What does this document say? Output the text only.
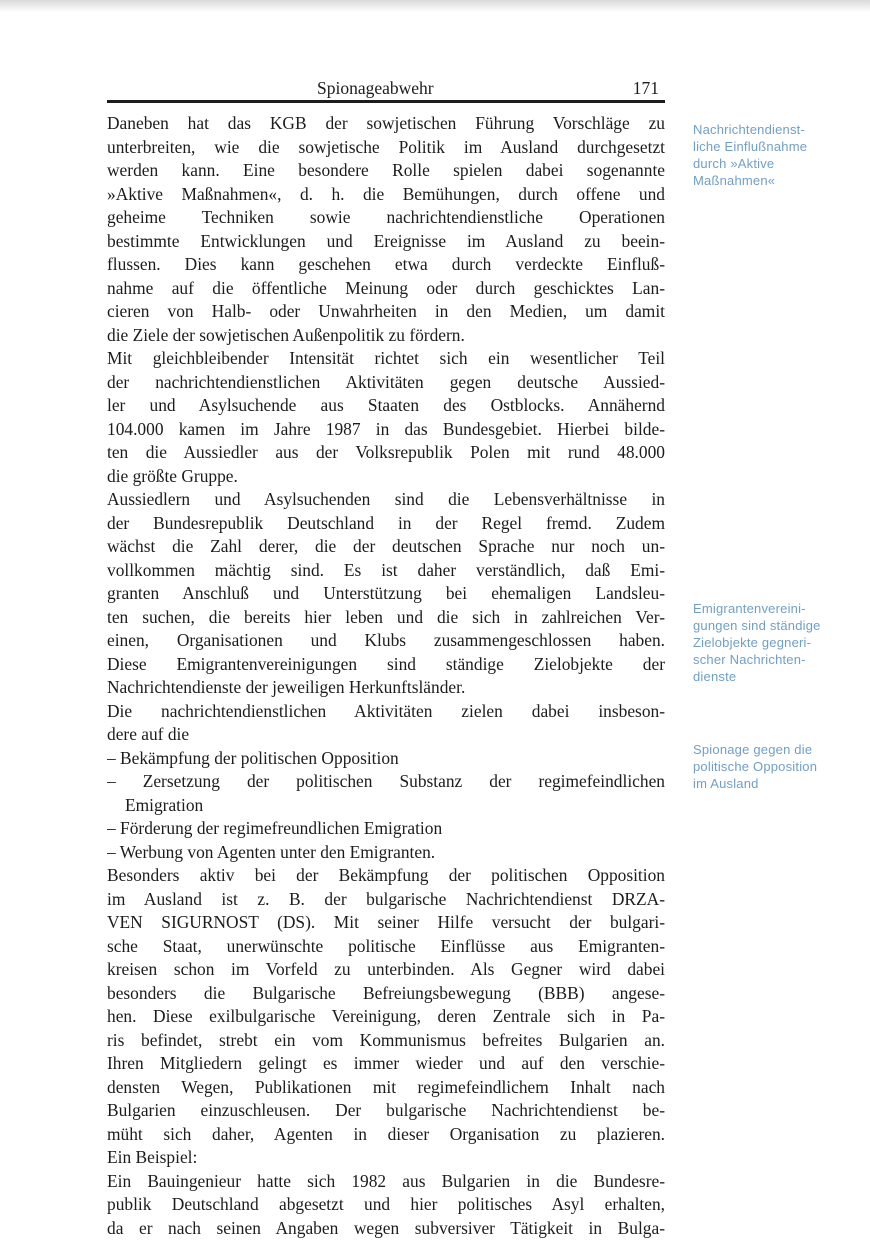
Spionageabwehr	171
Daneben hat das KGB der sowjetischen Führung Vorschläge zu
unterbreiten, wie die sowjetische Politik im Ausland durchgesetzt
werden kann. Eine besondere Rolle spielen dabei sogenannte
»Aktive Maßnahmen«, d. h. die Bemühungen, durch offene und
geheime Techniken sowie nachrichtendienstliche Operationen
bestimmte Entwicklungen und Ereignisse im Ausland zu beein-
flussen. Dies kann geschehen etwa durch verdeckte Einfluß-
nahme auf die öffentliche Meinung oder durch geschicktes Lan-
cieren von Halb- oder Unwahrheiten in den Medien, um damit
die Ziele der sowjetischen Außenpolitik zu fördern.
Mit gleichbleibender Intensität richtet sich ein wesentlicher Teil
der nachrichtendienstlichen Aktivitäten gegen deutsche Aussied-
ler und Asylsuchende aus Staaten des Ostblocks. Annähernd
104.000 kamen im Jahre 1987 in das Bundesgebiet. Hierbei bilde-
ten die Aussiedler aus der Volksrepublik Polen mit rund 48.000
die größte Gruppe.
Aussiedlern und Asylsuchenden sind die Lebensverhältnisse in
der Bundesrepublik Deutschland in der Regel fremd. Zudem
wächst die Zahl derer, die der deutschen Sprache nur noch un-
vollkommen mächtig sind. Es ist daher verständlich, daß Emi-
granten Anschluß und Unterstützung bei ehemaligen Landsleu-
ten suchen, die bereits hier leben und die sich in zahlreichen Ver-
einen, Organisationen und Klubs zusammengeschlossen haben.
Diese Emigrantenvereinigungen sind ständige Zielobjekte der
Nachrichtendienste der jeweiligen Herkunftsländer.
Die nachrichtendienstlichen Aktivitäten zielen dabei insbeson-
dere auf die
– Bekämpfung der politischen Opposition
– Zersetzung der politischen Substanz der regimefeindlichen
Emigration
– Förderung der regimefreundlichen Emigration
– Werbung von Agenten unter den Emigranten.
Besonders aktiv bei der Bekämpfung der politischen Opposition
im Ausland ist z. B. der bulgarische Nachrichtendienst DRZA-
VEN SIGURNOST (DS). Mit seiner Hilfe versucht der bulgari-
sche Staat, unerwünschte politische Einflüsse aus Emigranten-
kreisen schon im Vorfeld zu unterbinden. Als Gegner wird dabei
besonders die Bulgarische Befreiungsbewegung (BBB) angese-
hen. Diese exilbulgarische Vereinigung, deren Zentrale sich in Pa-
ris befindet, strebt ein vom Kommunismus befreites Bulgarien an.
Ihren Mitgliedern gelingt es immer wieder und auf den verschie-
densten Wegen, Publikationen mit regimefeindlichem Inhalt nach
Bulgarien einzuschleusen. Der bulgarische Nachrichtendienst be-
müht sich daher, Agenten in dieser Organisation zu plazieren.
Ein Beispiel:
Ein Bauingenieur hatte sich 1982 aus Bulgarien in die Bundesre-
publik Deutschland abgesetzt und hier politisches Asyl erhalten,
da er nach seinen Angaben wegen subversiver Tätigkeit in Bulga-
Nachrichtendienst-
liche Einflußnahme
durch »Aktive
Maßnahmen«
Emigrantenvereini-
gungen sind ständige
Zielobjekte gegneri-
scher Nachrichten-
dienste
Spionage gegen die
politische Opposition
im Ausland
